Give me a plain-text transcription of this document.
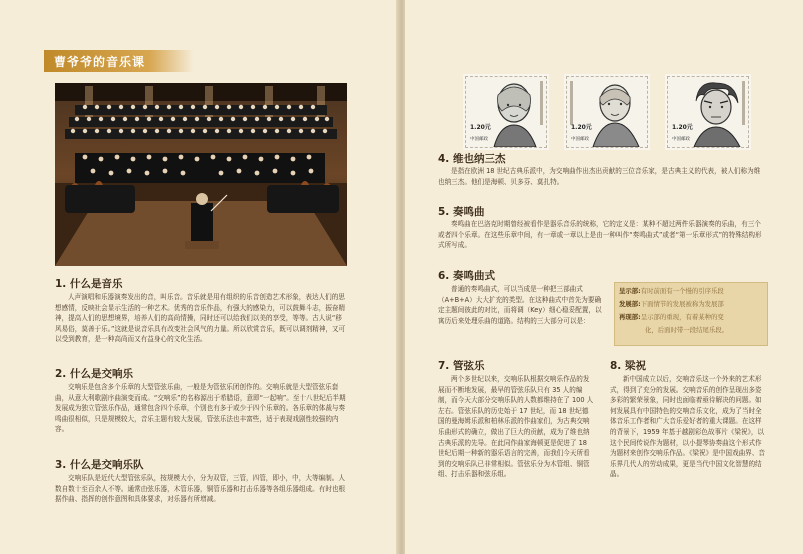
曹爷爷的音乐课
1. 什么是音乐

人声演唱和乐器演奏发出的音，叫乐音。音乐就是用有组织的乐音创造艺术形象，表达人们的思想感情，反映社会显示生活的一种艺术。优秀的音乐作品，有强大的感染力，可以鼓舞斗志，振奋精神，提高人们的思想境界，培养人们的高尚情操，同时还可以给我们以美的享受，等等。古人说“移风易俗，莫善于乐。”这就是说音乐具有改变社会风气的力量。所以欣赏音乐，既可以调剂精神，又可以受到教育，是一种高尚而又有益身心的文化生活。

2. 什么是交响乐

交响乐是包含多个乐章的大型管弦乐曲，一般是为管弦乐团创作的。交响乐就是大型管弦乐套曲，从意大利歌剧序曲演变而成。“交响乐”的名称源出于希腊语，意即“一起响”。至十八世纪后半期发展成为独立管弦乐作品，通常包含四个乐章，个别也有多于或少于四个乐章的。各乐章的体裁与奏鸣曲很相似，只是规模较大，音乐主题有较大发展，管弦乐法也丰富些，适于表现戏剧性较强的内容。

3. 什么是交响乐队

交响乐队是近代大型管弦乐队，按规模大小，分为双管，三管，四管，即小，中，大等编制。人数自数十至百余人不等。通常由弦乐器，木管乐器，铜管乐器和打击乐器等各组乐器组成。有时也根据作曲、指挥的创作意图和具体要求，对乐器有所增减。

1.20元
中国邮政
1.20元
中国邮政
1.20元
中国邮政
4. 维也纳三杰

是指在欧洲 18 世纪古典乐派中，为交响曲作出杰出贡献的三位音乐家，是古典主义的代表，被人们称为维也纳三杰。他们是海顿、贝多芬、莫扎特。

5. 奏鸣曲

奏鸣曲在巴洛克时期曾经被看作是器乐音乐的统称，它的定义是：某种不超过两件乐器演奏的乐曲，有三个或者四个乐章。在这些乐章中间，有一章或一章以上是由一种叫作“奏鸣曲式”或者“第一乐章形式”的特殊结构形式所写成。

6. 奏鸣曲式

普通的奏鸣曲式，可以当成是一种把三部曲式（A+B+A）大大扩充的类型。在这种曲式中首先为要确定主题间彼此的对比，而将调（Key）细心稳妥配置，以寓历后来处理乐曲的道路。结构的三大部分可以是：

呈示部:有时前面有一个慢的引序乐段
发展部:下面情节的发展被称为发展部
再现部:呈示部的重现，有着某种的变
化，后面时带一段结尾乐段。
7. 管弦乐

两个多世纪以来，交响乐队根据交响乐作品的发展而不断地发展，最早的管弦乐队只有 35 人的编制，而今天大部分交响乐队的人数都维持在了 100 人左右。管弦乐队的历史始于 17 世纪，而 18 世纪德国的曼海姆乐派和柏林乐派的作曲家们，为古典交响乐曲形式的确立，做出了巨大的贡献，成为了维也纳古典乐派的先导。在此同作曲家海顿更是促进了 18 世纪后期一种新的器乐语言的完善，而我们今天所看到的交响乐队已非常相似。管弦乐分为木管组、铜管组、打击乐器和弦乐组。

8. 梁祝

新中国成立以后，交响音乐这一个外来的艺术形式，得到了充分的发展。交响音乐的创作呈现出多姿多彩的繁荣景象，同时也面临着亟待解决的问题。如何发展具有中国特色的交响音乐文化，成为了当时全体音乐工作者和广大音乐爱好者的重大课题。在这样的背景下，1959 年基于越剧彩色故事片《梁祝》，以这个民间传说作为题材，以小提琴协奏曲这个形式作为题材来创作交响乐作品。《梁祝》是中国戏曲界、音乐界几代人的劳动成果，更是当代中国文化智慧的结晶。
